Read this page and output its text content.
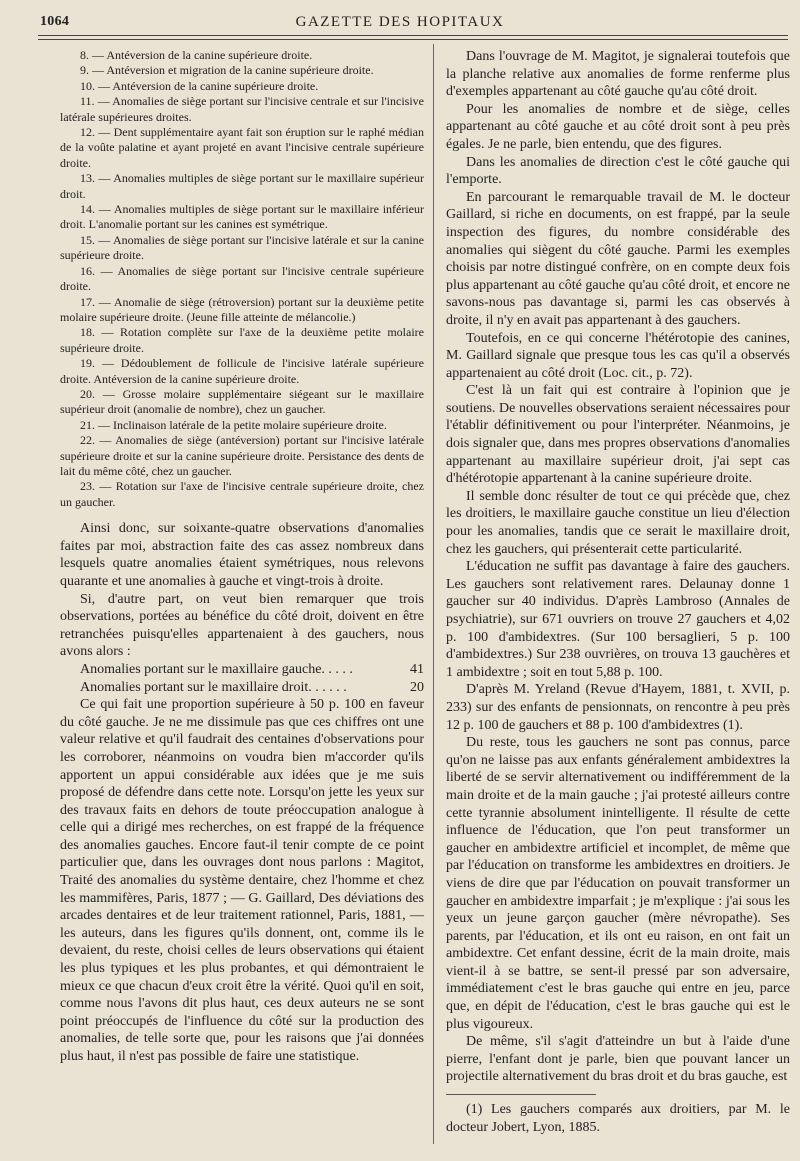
1064	GAZETTE DES HOPITAUX

8. — Antéversion de la canine supérieure droite.

9. — Antéversion et migration de la canine supérieure droite.

10. — Antéversion de la canine supérieure droite.

11. — Anomalies de siège portant sur l'incisive centrale et sur l'incisive latérale supérieures droites.

12. — Dent supplémentaire ayant fait son éruption sur le raphé médian de la voûte palatine et ayant projeté en avant l'incisive centrale supérieure droite.

13. — Anomalies multiples de siège portant sur le maxillaire supérieur droit.

14. — Anomalies multiples de siège portant sur le maxillaire inférieur droit. L'anomalie portant sur les canines est symétrique.

15. — Anomalies de siège portant sur l'incisive latérale et sur la canine supérieure droite.

16. — Anomalies de siège portant sur l'incisive centrale supérieure droite.

17. — Anomalie de siège (rétroversion) portant sur la deuxième petite molaire supérieure droite. (Jeune fille atteinte de mélancolie.)

18. — Rotation complète sur l'axe de la deuxième petite molaire supérieure droite.

19. — Dédoublement de follicule de l'incisive latérale supérieure droite. Antéversion de la canine supérieure droite.

20. — Grosse molaire supplémentaire siégeant sur le maxillaire supérieur droit (anomalie de nombre), chez un gaucher.

21. — Inclinaison latérale de la petite molaire supérieure droite.

22. — Anomalies de siège (antéversion) portant sur l'incisive latérale supérieure droite et sur la canine supérieure droite. Persistance des dents de lait du même côté, chez un gaucher.

23. — Rotation sur l'axe de l'incisive centrale supérieure droite, chez un gaucher.

Ainsi donc, sur soixante-quatre observations d'anomalies faites par moi, abstraction faite des cas assez nombreux dans lesquels quatre anomalies étaient symétriques, nous relevons quarante et une anomalies à gauche et vingt-trois à droite.

Si, d'autre part, on veut bien remarquer que trois observations, portées au bénéfice du côté droit, doivent en être retranchées puisqu'elles appartenaient à des gauchers, nous avons alors :

Anomalies portant sur le maxillaire gauche. . . . .	41
Anomalies portant sur le maxillaire droit. . . . . .	20

Ce qui fait une proportion supérieure à 50 p. 100 en faveur du côté gauche. Je ne me dissimule pas que ces chiffres ont une valeur relative et qu'il faudrait des centaines d'observations pour les corroborer, néanmoins on voudra bien m'accorder qu'ils apportent un appui considérable aux idées que je me suis proposé de défendre dans cette note. Lorsqu'on jette les yeux sur des travaux faits en dehors de toute préoccupation analogue à celle qui a dirigé mes recherches, on est frappé de la fréquence des anomalies gauches. Encore faut-il tenir compte de ce point particulier que, dans les ouvrages dont nous parlons : Magitot, Traité des anomalies du système dentaire, chez l'homme et chez les mammifères, Paris, 1877 ; — G. Gaillard, Des déviations des arcades dentaires et de leur traitement rationnel, Paris, 1881, — les auteurs, dans les figures qu'ils donnent, ont, comme ils le devaient, du reste, choisi celles de leurs observations qui étaient les plus typiques et les plus probantes, et qui démontraient le mieux ce que chacun d'eux croit être la vérité. Quoi qu'il en soit, comme nous l'avons dit plus haut, ces deux auteurs ne se sont point préoccupés de l'influence du côté sur la production des anomalies, de telle sorte que, pour les raisons que j'ai données plus haut, il n'est pas possible de faire une statistique.

Dans l'ouvrage de M. Magitot, je signalerai toutefois que la planche relative aux anomalies de forme renferme plus d'exemples appartenant au côté gauche qu'au côté droit.

Pour les anomalies de nombre et de siège, celles appartenant au côté gauche et au côté droit sont à peu près égales. Je ne parle, bien entendu, que des figures.

Dans les anomalies de direction c'est le côté gauche qui l'emporte.

En parcourant le remarquable travail de M. le docteur Gaillard, si riche en documents, on est frappé, par la seule inspection des figures, du nombre considérable des anomalies qui siègent du côté gauche. Parmi les exemples choisis par notre distingué confrère, on en compte deux fois plus appartenant au côté gauche qu'au côté droit, et encore ne savons-nous pas davantage si, parmi les cas observés à droite, il n'y en avait pas appartenant à des gauchers.

Toutefois, en ce qui concerne l'hétérotopie des canines, M. Gaillard signale que presque tous les cas qu'il a observés appartenaient au côté droit (Loc. cit., p. 72).

C'est là un fait qui est contraire à l'opinion que je soutiens. De nouvelles observations seraient nécessaires pour l'établir définitivement ou pour l'interpréter. Néanmoins, je dois signaler que, dans mes propres observations d'anomalies appartenant au maxillaire supérieur droit, j'ai sept cas d'hétérotopie appartenant à la canine supérieure droite.

Il semble donc résulter de tout ce qui précède que, chez les droitiers, le maxillaire gauche constitue un lieu d'élection pour les anomalies, tandis que ce serait le maxillaire droit, chez les gauchers, qui présenterait cette particularité.

L'éducation ne suffit pas davantage à faire des gauchers. Les gauchers sont relativement rares. Delaunay donne 1 gaucher sur 40 individus. D'après Lambroso (Annales de psychiatrie), sur 671 ouvriers on trouve 27 gauchers et 4,02 p. 100 d'ambidextres. (Sur 100 bersaglieri, 5 p. 100 d'ambidextres.) Sur 238 ouvrières, on trouva 13 gauchères et 1 ambidextre ; soit en tout 5,88 p. 100.

D'après M. Yreland (Revue d'Hayem, 1881, t. XVII, p. 233) sur des enfants de pensionnats, on rencontre à peu près 12 p. 100 de gauchers et 88 p. 100 d'ambidextres (1).

Du reste, tous les gauchers ne sont pas connus, parce qu'on ne laisse pas aux enfants généralement ambidextres la liberté de se servir alternativement ou indifféremment de la main droite et de la main gauche ; j'ai protesté ailleurs contre cette tyrannie absolument inintelligente. Il résulte de cette influence de l'éducation, que l'on peut transformer un gaucher en ambidextre artificiel et incomplet, de même que par l'éducation on transforme les ambidextres en droitiers. Je viens de dire que par l'éducation on pouvait transformer un gaucher en ambidextre imparfait ; je m'explique : j'ai sous les yeux un jeune garçon gaucher (mère névropathe). Ses parents, par l'éducation, et ils ont eu raison, en ont fait un ambidextre. Cet enfant dessine, écrit de la main droite, mais vient-il à se battre, se sent-il pressé par son adversaire, immédiatement c'est le bras gauche qui entre en jeu, parce que, en dépit de l'éducation, c'est le bras gauche qui est le plus vigoureux.

De même, s'il s'agit d'atteindre un but à l'aide d'une pierre, l'enfant dont je parle, bien que pouvant lancer un projectile alternativement du bras droit et du bras gauche, est

(1) Les gauchers comparés aux droitiers, par M. le docteur Jobert, Lyon, 1885.
